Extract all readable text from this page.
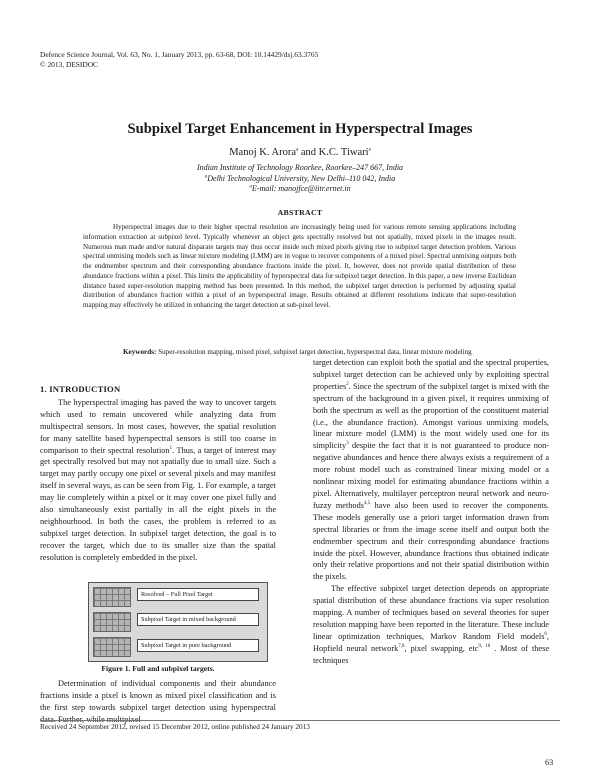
Defence Science Journal, Vol. 63, No. 1, January 2013, pp. 63-68, DOI: 10.14429/dsj.63.3765
© 2013, DESIDOC
Subpixel Target Enhancement in Hyperspectral Images
Manoj K. Arora$^a$ and K.C. Tiwari$^a$
Indian Institute of Technology Roorkee, Roorkee–247 667, India
$^a$Delhi Technological University, New Delhi–110 042, India
$^a$E-mail: manojfce@iitr.ernet.in
ABSTRACT
Hyperspectral images due to their higher spectral resolution are increasingly being used for various remote sensing applications including information extraction at subpixel level. Typically whenever an object gets spectrally resolved but not spatially, mixed pixels in the images result. Numerous man made and/or natural disparate targets may thus occur inside such mixed pixels giving rise to subpixel target detection problem. Various spectral unmixing models such as linear mixture modeling (LMM) are in vogue to recover components of a mixed pixel. Spectral unmixing outputs both the endmember spectrum and their corresponding abundance fractions inside the pixel. It, however, does not provide spatial distribution of these abundance fractions within a pixel. This limits the applicability of hyperspectral data for subpixel target detection. In this paper, a new inverse Euclidean distance based super-resolution mapping method has been presented. In this method, the subpixel target detection is performed by adjusting spatial distribution of abundance fraction within a pixel of an hyperspectral image. Results obtained at different resolutions indicate that super-resolution mapping may effectively be utilized in enhancing the target detection at sub-pixel level.
Keywords: Super-resolution mapping, mixed pixel, subpixel target detection, hyperspectral data, linear mixture modeling
1. INTRODUCTION

The hyperspectral imaging has paved the way to uncover targets which used to remain uncovered while analyzing data from multispectral sensors. In most cases, however, the spatial resolution for many satellite based hyperspectral sensors is still too coarse in comparison to their spectral resolution$^1$. Thus, a target of interest may get spectrally resolved but may not spatially due to small size. Such a target may partly occupy one pixel or several pixels and may manifest itself in several ways, as can be seen from Fig. 1. For example, a target may lie completely within a pixel or it may cover one pixel fully and also simultaneously exist partially in all the eight pixels in the neighbourhood. In both the cases, the problem is referred to as subpixel target detection. In subpixel target detection, the goal is to recover the target, which due to its smaller size than the spatial resolution is completely embedded in the pixel.

Resolved – Full Pixel Target
Subpixel Target in mixed background
Subpixel Target in pure background
Figure 1. Full and subpixel targets.

Determination of individual components and their abundance fractions inside a pixel is known as mixed pixel classification and is the first step towards subpixel target detection using hyperspectral data. Further, while multipixel

target detection can exploit both the spatial and the spectral properties, subpixel target detection can be achieved only by exploiting spectral properties$^2$. Since the spectrum of the subpixel target is mixed with the spectrum of the background in a given pixel, it requires unmixing of both the spectrum as well as the proportion of the constituent material (i.e., the abundance fraction). Amongst various unmixing models, linear mixture model (LMM) is the most widely used one for its simplicity$^3$ despite the fact that it is not guaranteed to produce non-negative abundances and hence there always exists a requirement of a more robust model such as constrained linear mixing model or a nonlinear mixing model for estimating abundance fractions within a pixel. Alternatively, multilayer perceptron neural network and neuro-fuzzy methods$^{4,5}$ have also been used to recover the components. These models generally use a priori target information drawn from spectral libraries or from the image scene itself and output both the endmember spectrum and their corresponding abundance fractions inside the pixel. However, abundance fractions thus obtained indicate only their relative proportions and not their spatial distribution within the pixels.

The effective subpixel target detection depends on appropriate spatial distribution of these abundance fractions via super resolution mapping. A number of techniques based on several theories for super resolution mapping have been reported in the literature. These include linear optimization techniques, Markov Random Field models$^6$, Hopfield neural network$^{7,8}$, pixel swapping, etc$^{9, 10}$ . Most of these techniques

Received 24 September 2012, revised 15 December 2012, online published 24 January 2013
63
